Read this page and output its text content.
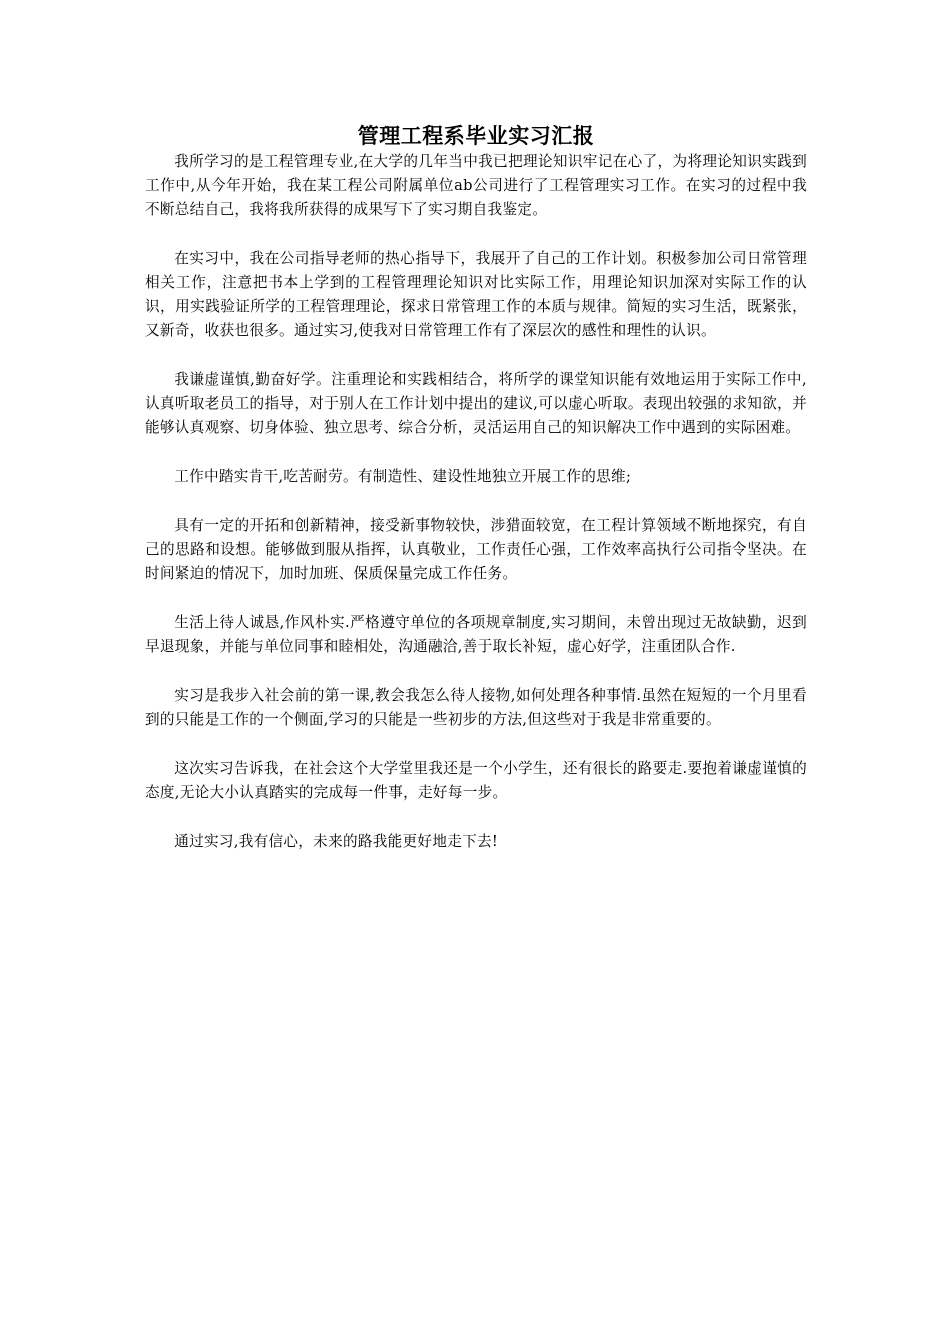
管理工程系毕业实习汇报

我所学习的是工程管理专业,在大学的几年当中我已把理论知识牢记在心了，为将理论知识实践到工作中,从今年开始，我在某工程公司附属单位ab公司进行了工程管理实习工作。在实习的过程中我不断总结自己，我将我所获得的成果写下了实习期自我鉴定。

在实习中，我在公司指导老师的热心指导下，我展开了自己的工作计划。积极参加公司日常管理相关工作，注意把书本上学到的工程管理理论知识对比实际工作，用理论知识加深对实际工作的认识，用实践验证所学的工程管理理论，探求日常管理工作的本质与规律。简短的实习生活，既紧张，又新奇，收获也很多。通过实习,使我对日常管理工作有了深层次的感性和理性的认识。

我谦虚谨慎,勤奋好学。注重理论和实践相结合，将所学的课堂知识能有效地运用于实际工作中,认真听取老员工的指导，对于别人在工作计划中提出的建议,可以虚心听取。表现出较强的求知欲，并能够认真观察、切身体验、独立思考、综合分析，灵活运用自己的知识解决工作中遇到的实际困难。

工作中踏实肯干,吃苦耐劳。有制造性、建设性地独立开展工作的思维;

具有一定的开拓和创新精神，接受新事物较快，涉猎面较宽，在工程计算领域不断地探究，有自己的思路和设想。能够做到服从指挥，认真敬业，工作责任心强，工作效率高执行公司指令坚决。在时间紧迫的情况下，加时加班、保质保量完成工作任务。

生活上待人诚恳,作风朴实.严格遵守单位的各项规章制度,实习期间，未曾出现过无故缺勤，迟到早退现象，并能与单位同事和睦相处，沟通融洽,善于取长补短，虚心好学，注重团队合作.

实习是我步入社会前的第一课,教会我怎么待人接物,如何处理各种事情.虽然在短短的一个月里看到的只能是工作的一个侧面,学习的只能是一些初步的方法,但这些对于我是非常重要的。

这次实习告诉我，在社会这个大学堂里我还是一个小学生，还有很长的路要走.要抱着谦虚谨慎的态度,无论大小认真踏实的完成每一件事，走好每一步。

通过实习,我有信心，未来的路我能更好地走下去!
